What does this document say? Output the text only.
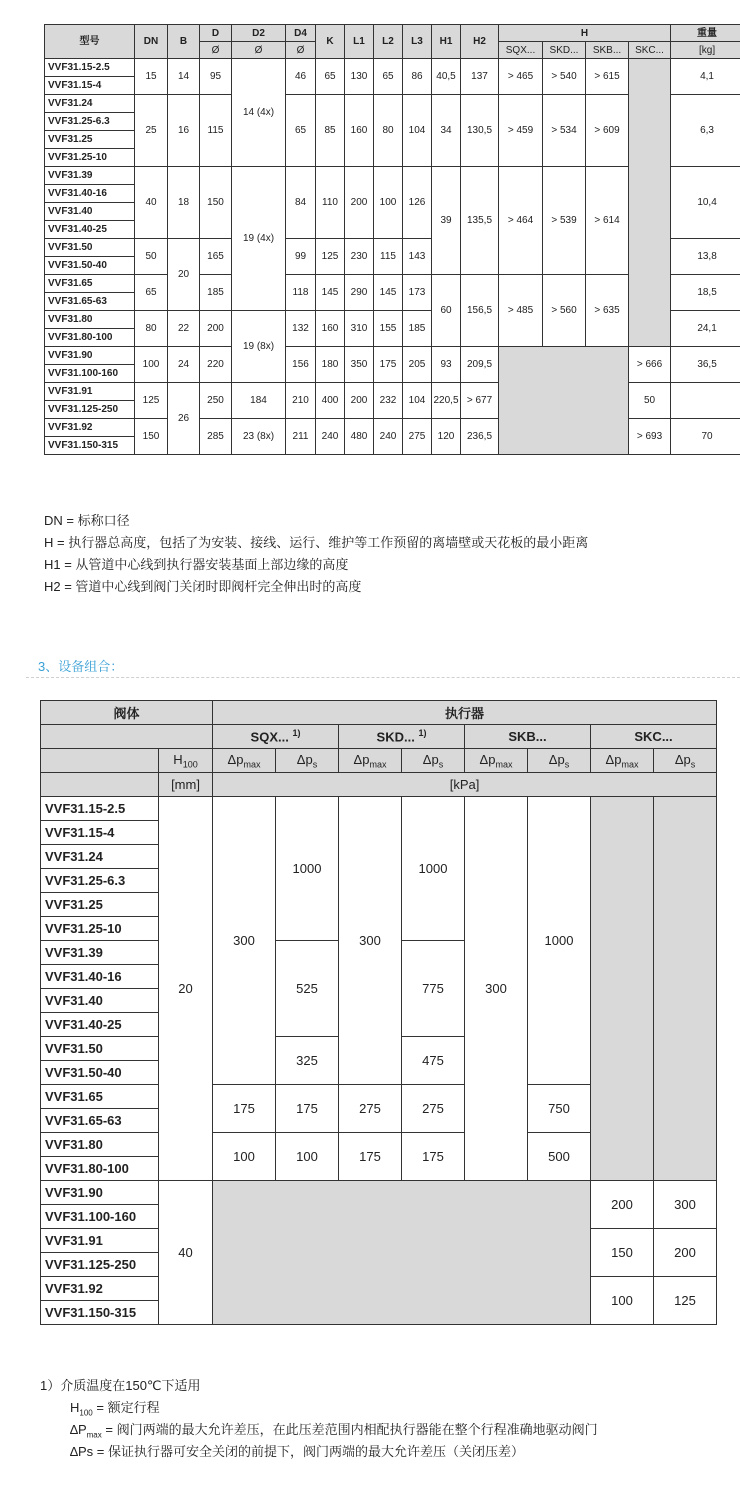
型号	DN	B	D	D2	D4	K	L1	L2	L3	H1	H2	H				重量
			Ø	Ø	Ø							SQX...	SKD...	SKB...	SKC...	[kg]
VVF31.15-2.5	15	14	95	14 (4x)	46	65	130	65	86	40,5	137	> 465	> 540	> 615		4,1
VVF31.15-4																
VVF31.24	25	16	115		65	85	160	80	104	34	130,5	> 459	> 534	> 609		6,3
VVF31.25-6.3																
VVF31.25																
VVF31.25-10																
VVF31.39	40	18	150	19 (4x)	84	110	200	100	126	39	135,5	> 464	> 539	> 614		10,4
VVF31.40-16																
VVF31.40																
VVF31.40-25																
VVF31.50	50	20	165		99	125	230	115	143							13,8
VVF31.50-40																
VVF31.65	65		185		118	145	290	145	173	60	156,5	> 485	> 560	> 635		18,5
VVF31.65-63																
VVF31.80	80	22	200	19 (8x)	132	160	310	155	185							24,1
VVF31.80-100																
VVF31.90	100	24	220		156	180	350	175	205	93	209,5				> 666	36,5
VVF31.100-160																
VVF31.91	125	26	250	184	210	400	200	232	104	220,5	> 677				50	
VVF31.125-250																
VVF31.92	150		285	23 (8x)	211	240	480	240	275	120	236,5				> 693	70
VVF31.150-315																
DN = 标称口径
H = 执行器总高度，包括了为安装、接线、运行、维护等工作预留的离墙壁或天花板的最小距离
H1 = 从管道中心线到执行器安装基面上部边缘的高度
H2 = 管道中心线到阀门关闭时即阀杆完全伸出时的高度
3、设备组合：
阀体		执行器							
		SQX... $^{1)}$		SKD... $^{1)}$		SKB...		SKC...	
	$H_{100}$	$\Delta p_{max}$	$\Delta p_s$	$\Delta p_{max}$	$\Delta p_s$	$\Delta p_{max}$	$\Delta p_s$	$\Delta p_{max}$	$\Delta p_s$
	[mm]	[kPa]							
VVF31.15-2.5	20	300	1000	300	1000	300	1000		
VVF31.15-4									
VVF31.24									
VVF31.25-6.3									
VVF31.25									
VVF31.25-10									
VVF31.39			525		775				
VVF31.40-16									
VVF31.40									
VVF31.40-25									
VVF31.50			325		475				
VVF31.50-40									
VVF31.65		175	175	275	275		750		
VVF31.65-63									
VVF31.80		100	100	175	175		500		
VVF31.80-100									
VVF31.90	40							200	300
VVF31.100-160									
VVF31.91								150	200
VVF31.125-250									
VVF31.92								100	125
VVF31.150-315									
1）介质温度在150℃下适用
$H_{100}$ = 额定行程
$\Delta P_{max}$ = 阀门两端的最大允许差压，在此压差范围内相配执行器能在整个行程准确地驱动阀门
∆Ps = 保证执行器可安全关闭的前提下，阀门两端的最大允许差压（关闭压差）
